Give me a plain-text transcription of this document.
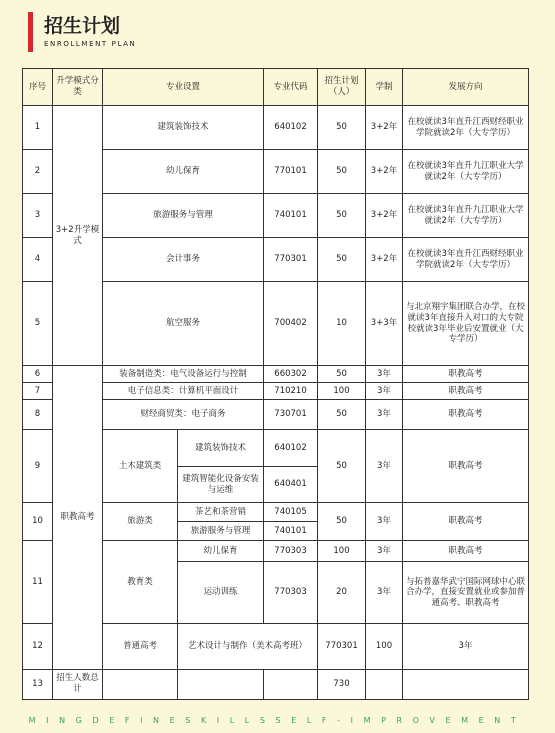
招生计划
ENROLLMENT PLAN
序号	升学模式分类	专业设置		专业代码	招生计划（人）	学制	发展方向	
1	3+2升学模式	建筑装饰技术		640102	50	3+2年	在校就读3年直升江西财经职业学院就读2年（大专学历）	
2		幼儿保育		770101	50	3+2年	在校就读3年直升九江职业大学就读2年（大专学历）	
3		旅游服务与管理		740101	50	3+2年	在校就读3年直升九江职业大学就读2年（大专学历）	
4		会计事务		770301	50	3+2年	在校就读3年直升江西财经职业学院就读2年（大专学历）	
5		航空服务		700402	10	3+3年	与北京翔宇集团联合办学，在校就读3年直接升入对口的大专院校就读3年毕业后安置就业（大专学历）	
6	职教高考	装备制造类：电气设备运行与控制		660302	50	3年	职教高考	
7		电子信息类：计算机平面设计		710210	100	3年	职教高考	
8		财经商贸类：电子商务		730701	50	3年	职教高考	
9		土木建筑类	建筑装饰技术	640102	50	3年	职教高考	
			建筑智能化设备安装与运维	640401				
10		旅游类	茶艺和茶营销	740105	50	3年	职教高考	
			旅游服务与管理	740101				
11		教育类	幼儿保育	770303	100	3年	职教高考	
			运动训练	770303	20	3年	与拓普嘉华武宁国际网球中心联合办学，直接安置就业或参加普通高考、职教高考	
12		普通高考	艺术设计与制作（美术高考班）		770301	100	3年	
13	招生人数总计				730			
MINGDEFINESKILLSSELF-IMPROVEMENT
